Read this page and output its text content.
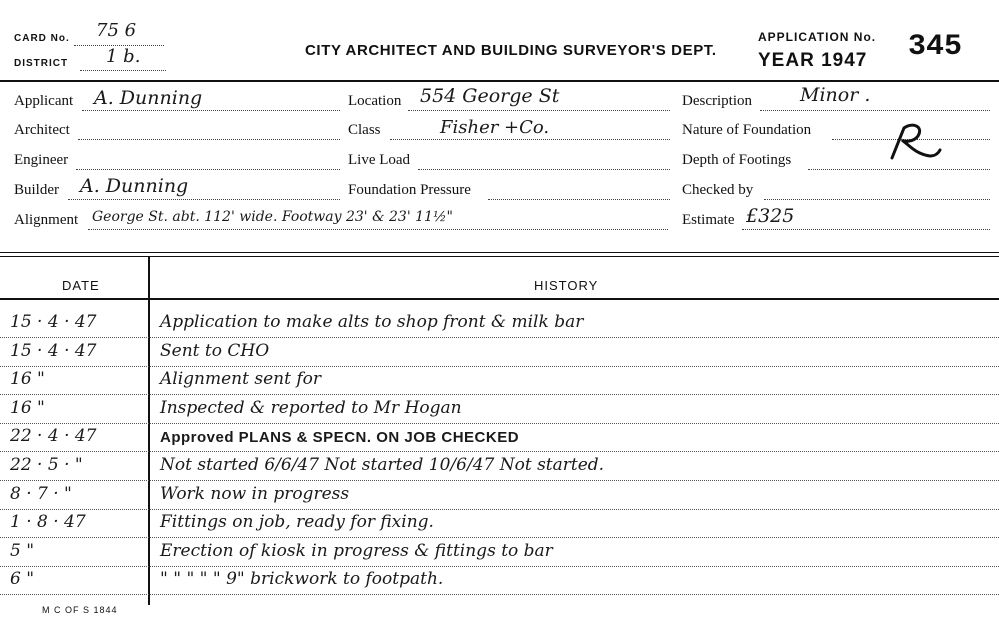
CARD No. 75 6
DISTRICT 1 b.	CITY ARCHITECT AND BUILDING SURVEYOR'S DEPT.
APPLICATION No. 345
YEAR 1947
Applicant A. Dunning
Architect
Engineer
Builder A. Dunning
Alignment George St. abt. 112' wide. Footway 23' & 23' 11½"
Location 554 George St
Class	Fisher +Co.
Live Load
Foundation Pressure
Description	Minor .
Nature of Foundation
Depth of Footings
Checked by
Estimate £325
DATE	HISTORY
15 · 4 · 47	Application to make alts to shop front & milk bar
15 · 4 · 47	Sent to CHO
16 "	Alignment sent for
16 "	Inspected & reported to Mr Hogan
22 · 4 · 47	Approved PLANS & SPECN. ON JOB CHECKED
22 · 5 · "	Not started 6/6/47 Not started 10/6/47 Not started.
8 · 7 · "	Work now in progress
1 · 8 · 47	Fittings on job, ready for fixing.
5 "	Erection of kiosk in progress & fittings to bar
6 "	" " " " " 9" brickwork to footpath.
M C OF S 1844
